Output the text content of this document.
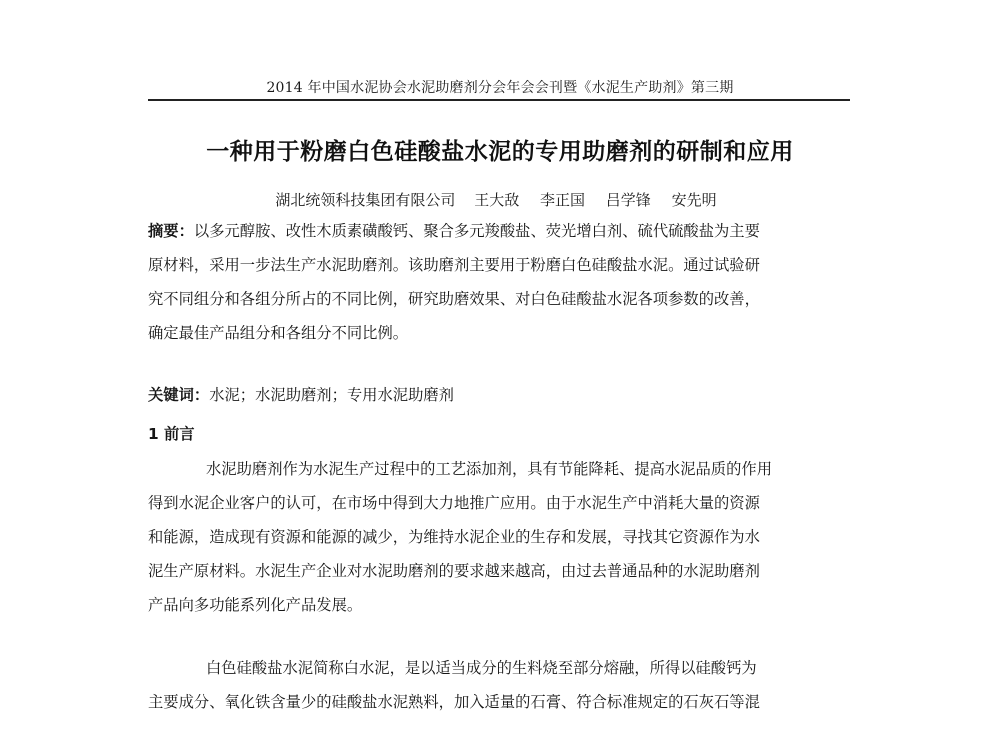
2014 年中国水泥协会水泥助磨剂分会年会会刊暨《水泥生产助剂》第三期
一种用于粉磨白色硅酸盐水泥的专用助磨剂的研制和应用
湖北统领科技集团有限公司 王大敌 李正国 吕学锋 安先明
摘要：以多元醇胺、改性木质素磺酸钙、聚合多元羧酸盐、荧光增白剂、硫代硫酸盐为主要
原材料，采用一步法生产水泥助磨剂。该助磨剂主要用于粉磨白色硅酸盐水泥。通过试验研
究不同组分和各组分所占的不同比例，研究助磨效果、对白色硅酸盐水泥各项参数的改善，
确定最佳产品组分和各组分不同比例。
关键词：水泥；水泥助磨剂；专用水泥助磨剂
1 前言
水泥助磨剂作为水泥生产过程中的工艺添加剂，具有节能降耗、提高水泥品质的作用
得到水泥企业客户的认可，在市场中得到大力地推广应用。由于水泥生产中消耗大量的资源
和能源，造成现有资源和能源的减少，为维持水泥企业的生存和发展，寻找其它资源作为水
泥生产原材料。水泥生产企业对水泥助磨剂的要求越来越高，由过去普通品种的水泥助磨剂
产品向多功能系列化产品发展。
白色硅酸盐水泥简称白水泥，是以适当成分的生料烧至部分熔融，所得以硅酸钙为
主要成分、氧化铁含量少的硅酸盐水泥熟料，加入适量的石膏、符合标准规定的石灰石等混
